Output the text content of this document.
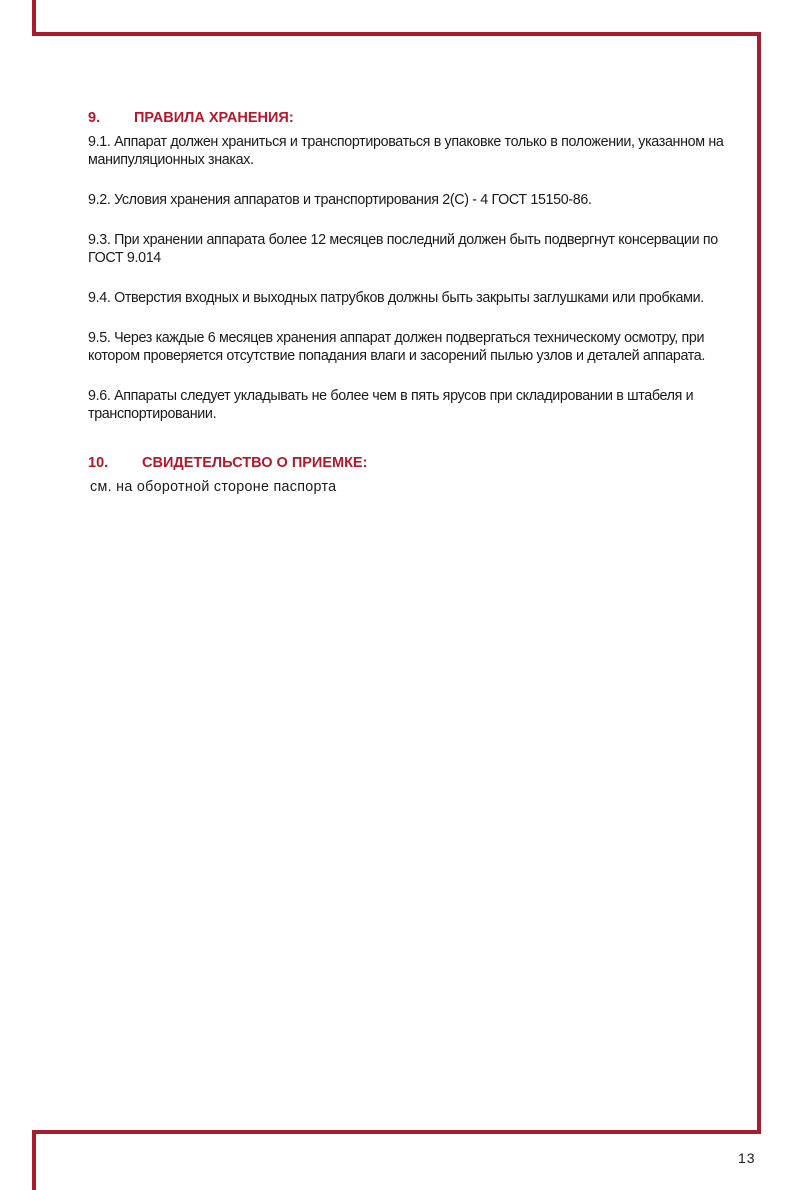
9.	ПРАВИЛА ХРАНЕНИЯ:

9.1. Аппарат должен храниться и транспортироваться в упаковке только в положении, указанном на манипуляционных знаках.

9.2. Условия хранения аппаратов и транспортирования 2(С) - 4 ГОСТ 15150-86.

9.3. При хранении аппарата более 12 месяцев последний должен быть подвергнут консервации по ГОСТ 9.014

9.4. Отверстия входных и выходных патрубков должны быть закрыты заглушками или пробками.

9.5. Через каждые 6 месяцев хранения аппарат должен подвергаться техническому осмотру, при котором проверяется отсутствие попадания влаги и засорений пылью узлов и деталей аппарата.

9.6. Аппараты следует укладывать не более чем в пять ярусов при складировании в штабеля и транспортировании.

10.	СВИДЕТЕЛЬСТВО О ПРИЕМКЕ:
см. на оборотной стороне паспорта
13
